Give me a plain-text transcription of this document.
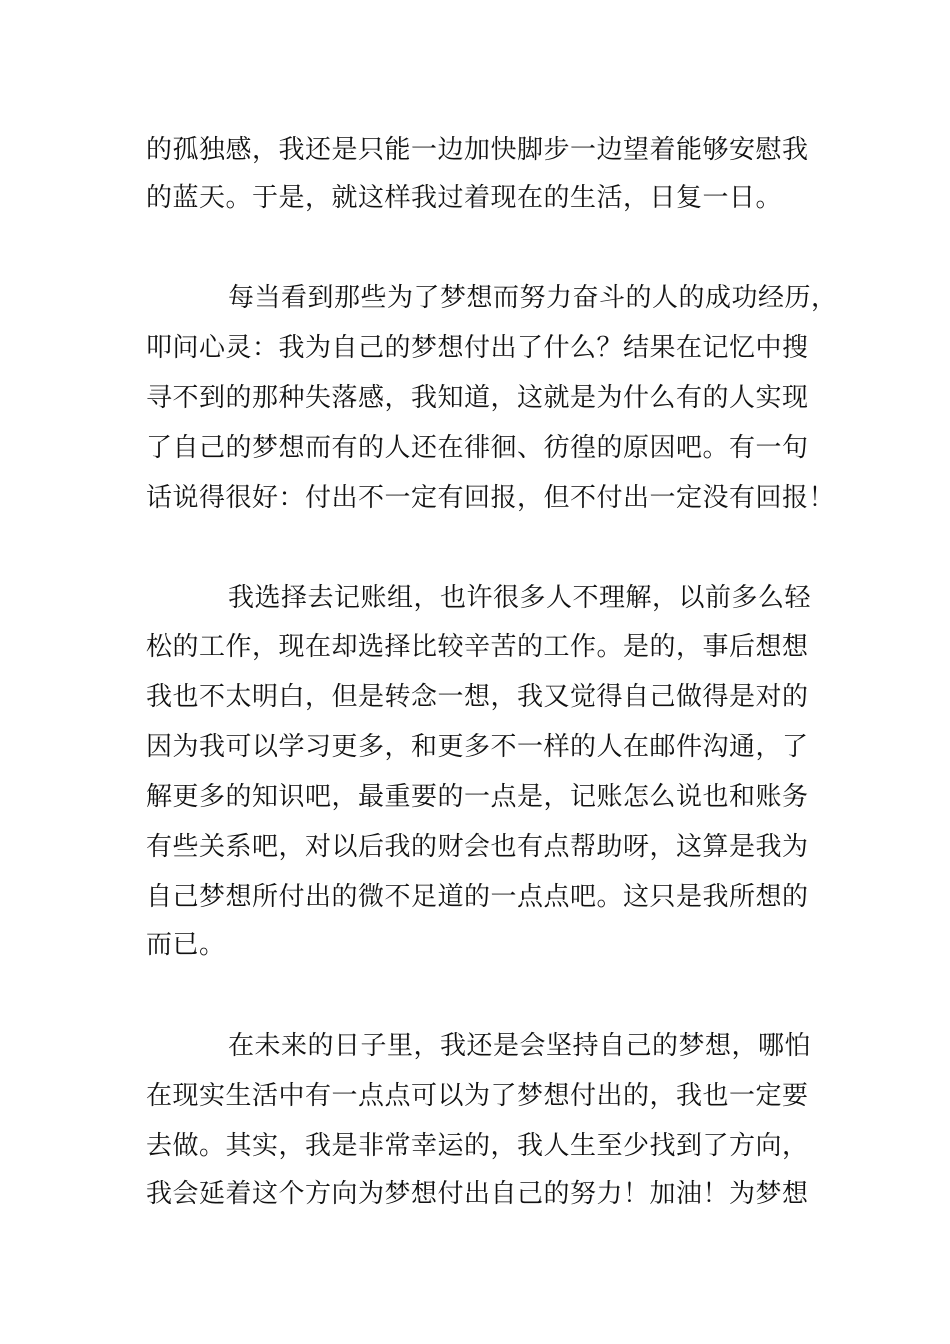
的孤独感，我还是只能一边加快脚步一边望着能够安慰我
的蓝天。于是，就这样我过着现在的生活，日复一日。
每当看到那些为了梦想而努力奋斗的人的成功经历，
叩问心灵：我为自己的梦想付出了什么？结果在记忆中搜
寻不到的那种失落感，我知道，这就是为什么有的人实现
了自己的梦想而有的人还在徘徊、彷徨的原因吧。有一句
话说得很好：付出不一定有回报，但不付出一定没有回报！
我选择去记账组，也许很多人不理解，以前多么轻
松的工作，现在却选择比较辛苦的工作。是的，事后想想
我也不太明白，但是转念一想，我又觉得自己做得是对的
因为我可以学习更多，和更多不一样的人在邮件沟通，了
解更多的知识吧，最重要的一点是，记账怎么说也和账务
有些关系吧，对以后我的财会也有点帮助呀，这算是我为
自己梦想所付出的微不足道的一点点吧。这只是我所想的
而已。
在未来的日子里，我还是会坚持自己的梦想，哪怕
在现实生活中有一点点可以为了梦想付出的，我也一定要
去做。其实，我是非常幸运的，我人生至少找到了方向，
我会延着这个方向为梦想付出自己的努力！加油！为梦想
